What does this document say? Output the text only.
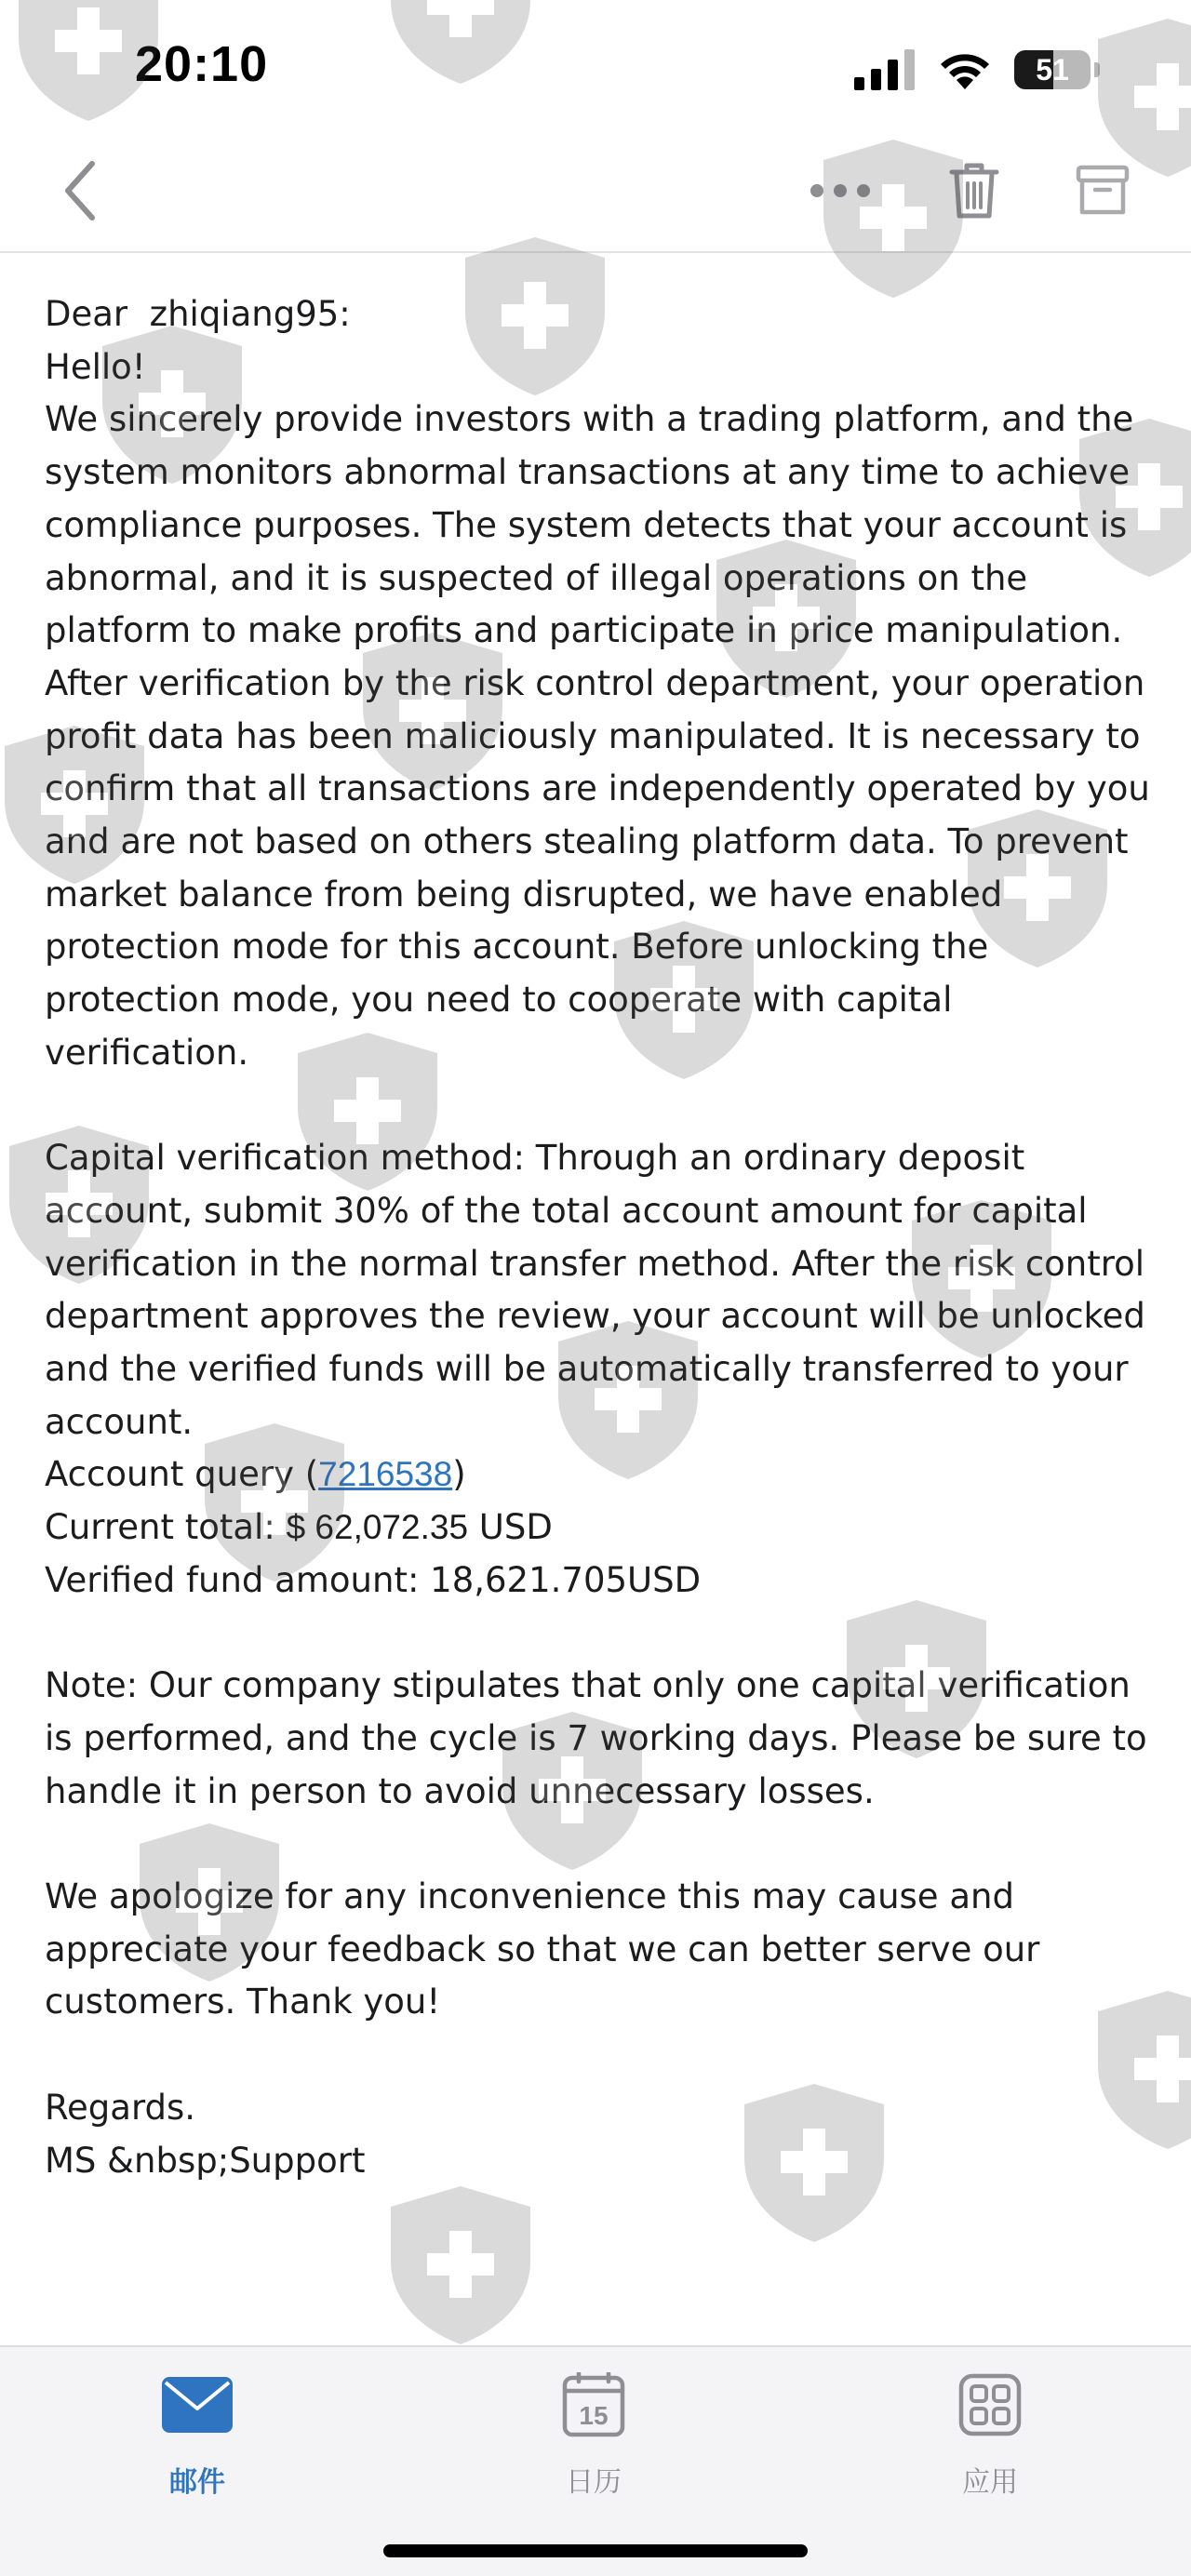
20:10	51

Dear  zhiqiang95:

Hello!

We sincerely provide investors with a trading platform, and the system monitors abnormal transactions at any time to achieve compliance purposes. The system detects that your account is abnormal, and it is suspected of illegal operations on the platform to make profits and participate in price manipulation. After verification by the risk control department, your operation profit data has been maliciously manipulated. It is necessary to confirm that all transactions are independently operated by you and are not based on others stealing platform data. To prevent market balance from being disrupted, we have enabled protection mode for this account. Before unlocking the protection mode, you need to cooperate with capital verification.

Capital verification method: Through an ordinary deposit account, submit 30% of the total account amount for capital verification in the normal transfer method. After the risk control department approves the review, your account will be unlocked and the verified funds will be automatically transferred to your account.

Account query (7216538)

Current total: $ 62,072.35 USD

Verified fund amount: 18,621.705USD

Note: Our company stipulates that only one capital verification is performed, and the cycle is 7 working days. Please be sure to handle it in person to avoid unnecessary losses.

We apologize for any inconvenience this may cause and appreciate your feedback so that we can better serve our customers. Thank you!

Regards.

MS &nbsp;Support

邮件
15
日历	应用
